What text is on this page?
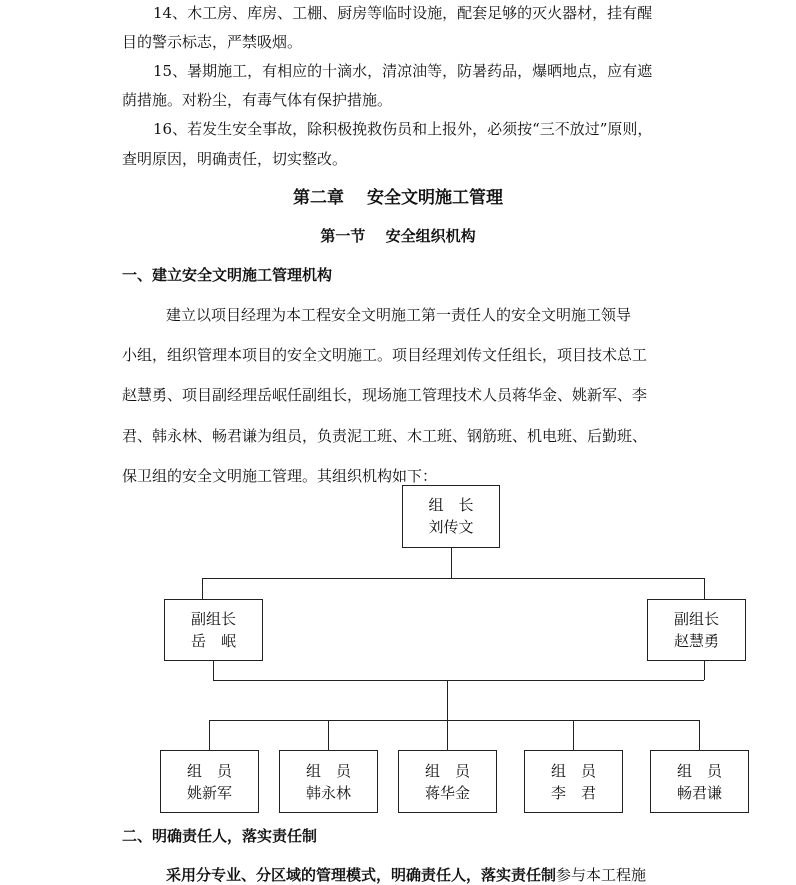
14、木工房、库房、工棚、厨房等临时设施，配套足够的灭火器材，挂有醒
目的警示标志，严禁吸烟。
15、暑期施工，有相应的十滴水，清凉油等，防暑药品，爆晒地点，应有遮
荫措施。对粉尘，有毒气体有保护措施。
16、若发生安全事故，除积极挽救伤员和上报外，必须按“三不放过”原则，
查明原因，明确责任，切实整改。
第二章　 安全文明施工管理
第一节　 安全组织机构
一、建立安全文明施工管理机构
建立以项目经理为本工程安全文明施工第一责任人的安全文明施工领导
小组，组织管理本项目的安全文明施工。项目经理刘传文任组长，项目技术总工
赵慧勇、项目副经理岳岷任副组长，现场施工管理技术人员蒋华金、姚新军、李
君、韩永林、畅君谦为组员，负责泥工班、木工班、钢筋班、机电班、后勤班、
保卫组的安全文明施工管理。其组织机构如下：
组　长
刘传文
副组长
岳　岷
副组长
赵慧勇
组　员
姚新军
组　员
韩永林
组　员
蒋华金
组　员
李　君
组　员
畅君谦
二、明确责任人，落实责任制
采用分专业、分区域的管理模式，明确责任人，落实责任制参与本工程施
